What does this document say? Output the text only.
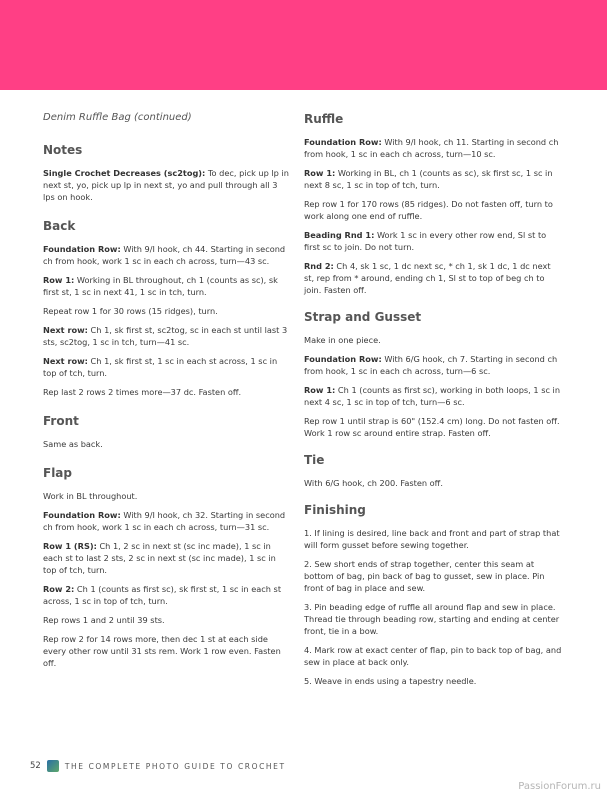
Denim Ruffle Bag (continued)
Notes

Single Crochet Decreases (sc2tog): To dec, pick up lp in next st, yo, pick up lp in next st, yo and pull through all 3 lps on hook.

Back

Foundation Row: With 9/I hook, ch 44. Starting in second ch from hook, work 1 sc in each ch across, turn—43 sc.

Row 1: Working in BL throughout, ch 1 (counts as sc), sk first st, 1 sc in next 41, 1 sc in tch, turn.

Repeat row 1 for 30 rows (15 ridges), turn.

Next row: Ch 1, sk first st, sc2tog, sc in each st until last 3 sts, sc2tog, 1 sc in tch, turn—41 sc.

Next row: Ch 1, sk first st, 1 sc in each st across, 1 sc in top of tch, turn.

Rep last 2 rows 2 times more—37 dc. Fasten off.

Front

Same as back.

Flap

Work in BL throughout.

Foundation Row: With 9/I hook, ch 32. Starting in second ch from hook, work 1 sc in each ch across, turn—31 sc.

Row 1 (RS): Ch 1, 2 sc in next st (sc inc made), 1 sc in each st to last 2 sts, 2 sc in next st (sc inc made), 1 sc in top of tch, turn.

Row 2: Ch 1 (counts as first sc), sk first st, 1 sc in each st across, 1 sc in top of tch, turn.

Rep rows 1 and 2 until 39 sts.

Rep row 2 for 14 rows more, then dec 1 st at each side every other row until 31 sts rem. Work 1 row even. Fasten off.

Ruffle

Foundation Row: With 9/I hook, ch 11. Starting in second ch from hook, 1 sc in each ch across, turn—10 sc.

Row 1: Working in BL, ch 1 (counts as sc), sk first sc, 1 sc in next 8 sc, 1 sc in top of tch, turn.

Rep row 1 for 170 rows (85 ridges). Do not fasten off, turn to work along one end of ruffle.

Beading Rnd 1: Work 1 sc in every other row end, Sl st to first sc to join. Do not turn.

Rnd 2: Ch 4, sk 1 sc, 1 dc next sc, * ch 1, sk 1 dc, 1 dc next st, rep from * around, ending ch 1, Sl st to top of beg ch to join. Fasten off.

Strap and Gusset

Make in one piece.

Foundation Row: With 6/G hook, ch 7. Starting in second ch from hook, 1 sc in each ch across, turn—6 sc.

Row 1: Ch 1 (counts as first sc), working in both loops, 1 sc in next 4 sc, 1 sc in top of tch, turn—6 sc.

Rep row 1 until strap is 60" (152.4 cm) long. Do not fasten off. Work 1 row sc around entire strap. Fasten off.

Tie

With 6/G hook, ch 200. Fasten off.

Finishing

1. If lining is desired, line back and front and part of strap that will form gusset before sewing together.

2. Sew short ends of strap together, center this seam at bottom of bag, pin back of bag to gusset, sew in place. Pin front of bag in place and sew.

3. Pin beading edge of ruffle all around flap and sew in place. Thread tie through beading row, starting and ending at center front, tie in a bow.

4. Mark row at exact center of flap, pin to back top of bag, and sew in place at back only.

5. Weave in ends using a tapestry needle.

52	THE COMPLETE PHOTO GUIDE TO CROCHET
PassionForum.ru
